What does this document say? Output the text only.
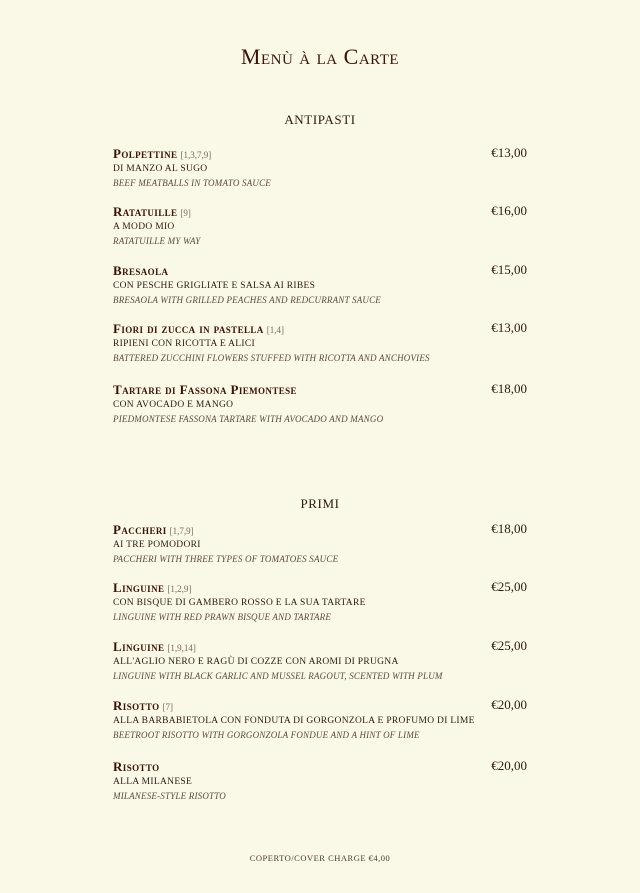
Menù à la Carte
ANTIPASTI
Polpettine [1,3,7,9]	€13,00
DI MANZO AL SUGO
BEEF MEATBALLS IN TOMATO SAUCE
Ratatuille [9]	€16,00
A MODO MIO
RATATUILLE MY WAY
Bresaola	€15,00
CON PESCHE GRIGLIATE E SALSA AI RIBES
BRESAOLA WITH GRILLED PEACHES AND REDCURRANT SAUCE
Fiori di zucca in pastella [1,4]	€13,00
RIPIENI CON RICOTTA E ALICI
BATTERED ZUCCHINI FLOWERS STUFFED WITH RICOTTA AND ANCHOVIES
Tartare di Fassona Piemontese	€18,00
CON AVOCADO E MANGO
PIEDMONTESE FASSONA TARTARE WITH AVOCADO AND MANGO
PRIMI
Paccheri [1,7,9]	€18,00
AI TRE POMODORI
PACCHERI WITH THREE TYPES OF TOMATOES SAUCE
Linguine [1,2,9]	€25,00
CON BISQUE DI GAMBERO ROSSO E LA SUA TARTARE
LINGUINE WITH RED PRAWN BISQUE AND TARTARE
Linguine [1,9,14]	€25,00
ALL'AGLIO NERO E RAGÙ DI COZZE CON AROMI DI PRUGNA
LINGUINE WITH BLACK GARLIC AND MUSSEL RAGOUT, SCENTED WITH PLUM
Risotto [7]	€20,00
ALLA BARBABIETOLA CON FONDUTA DI GORGONZOLA E PROFUMO DI LIME
BEETROOT RISOTTO WITH GORGONZOLA FONDUE AND A HINT OF LIME
Risotto	€20,00
ALLA MILANESE
MILANESE-STYLE RISOTTO
COPERTO/COVER CHARGE €4,00
